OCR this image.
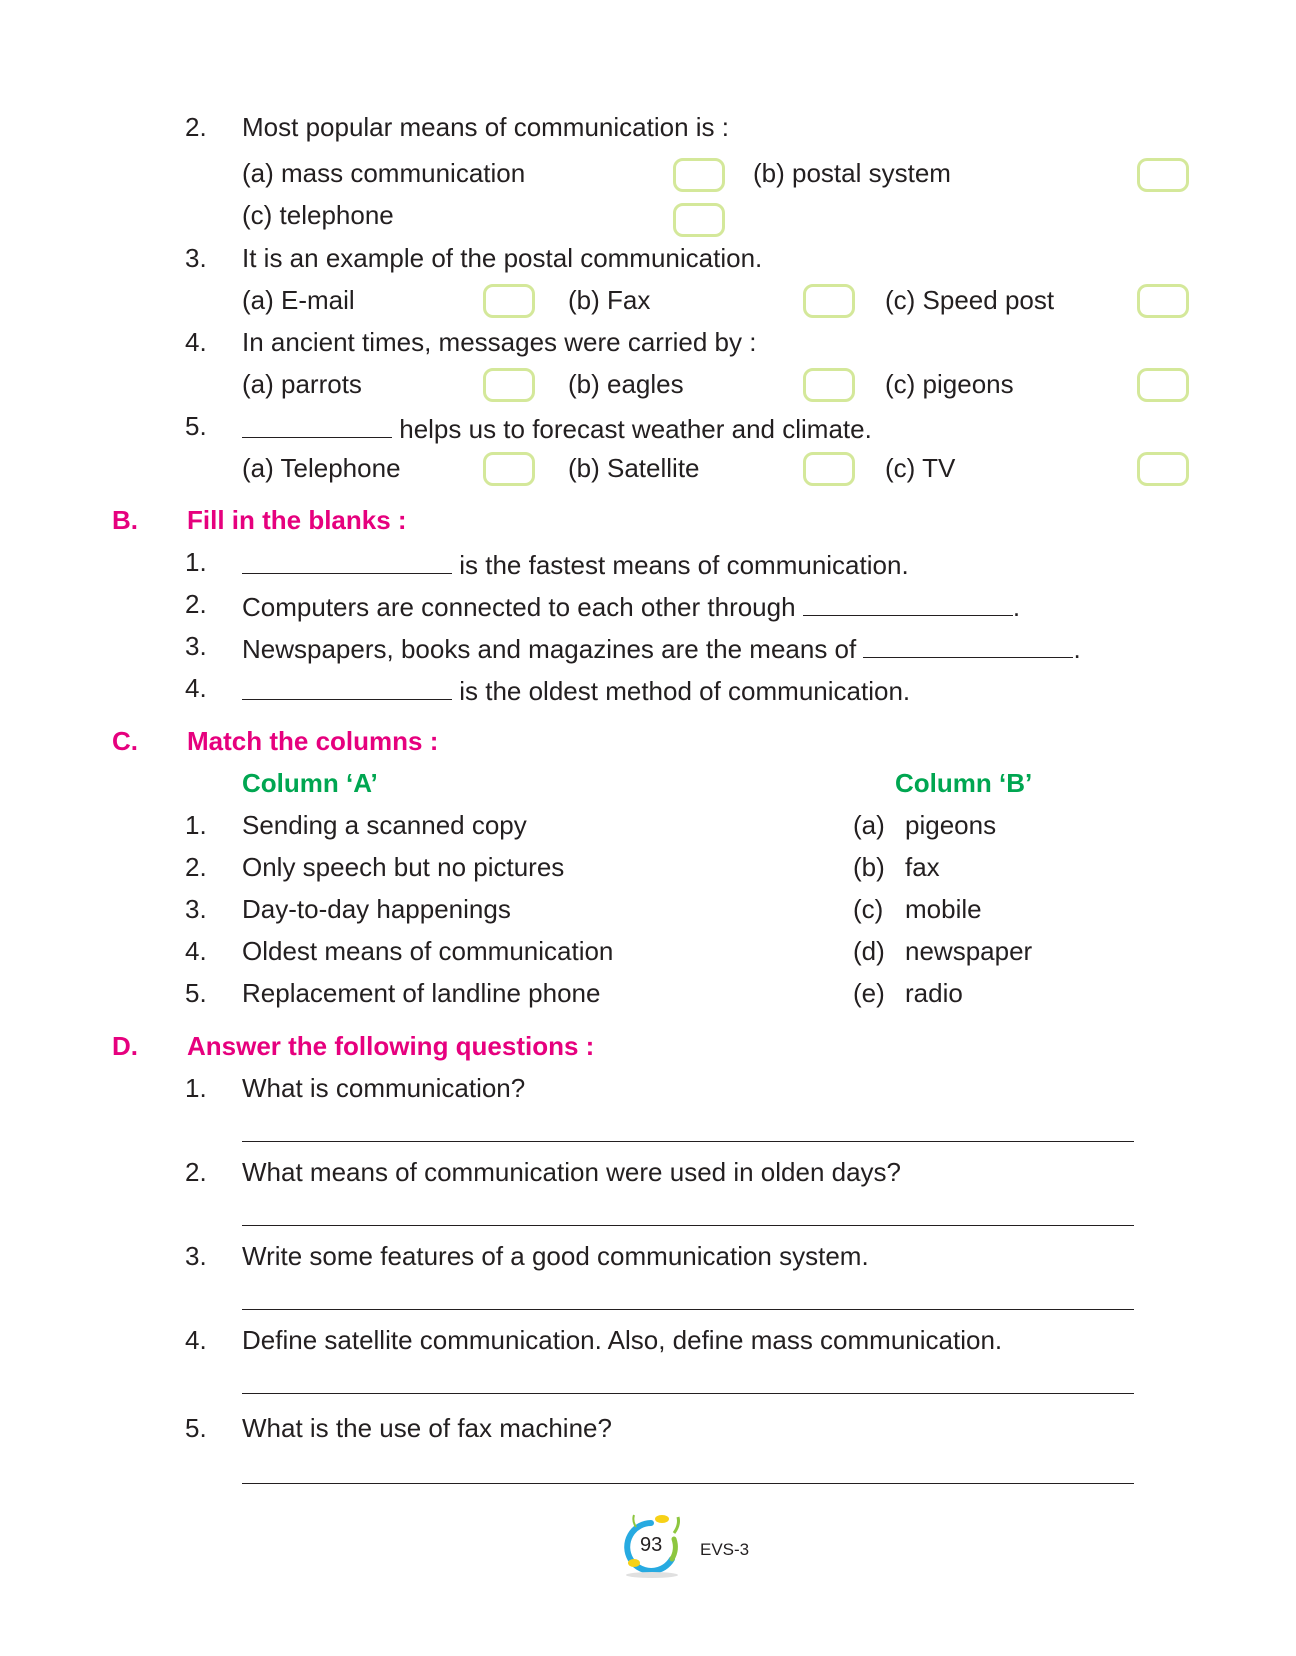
2.	Most popular means of communication is :
(a) mass communication	(b) postal system
(c) telephone
3.	It is an example of the postal communication.
(a) E-mail	(b) Fax	(c) Speed post
4.	In ancient times, messages were carried by :
(a) parrots	(b) eagles	(c) pigeons
5.	helps us to forecast weather and climate.
(a) Telephone	(b) Satellite	(c) TV
B. Fill in the blanks :
1.	is the fastest means of communication.
2.	Computers are connected to each other through	.
3.	Newspapers, books and magazines are the means of	.
4.	is the oldest method of communication.
C. Match the columns :
Column ‘A’	Column ‘B’
1.	Sending a scanned copy	(a) pigeons
2.	Only speech but no pictures	(b) fax
3.	Day-to-day happenings	(c) mobile
4.	Oldest means of communication	(d) newspaper
5.	Replacement of landline phone	(e) radio
D. Answer the following questions :
1.	What is communication?
2.	What means of communication were used in olden days?
3.	Write some features of a good communication system.
4.	Define satellite communication. Also, define mass communication.
5.	What is the use of fax machine?
93 EVS-3
